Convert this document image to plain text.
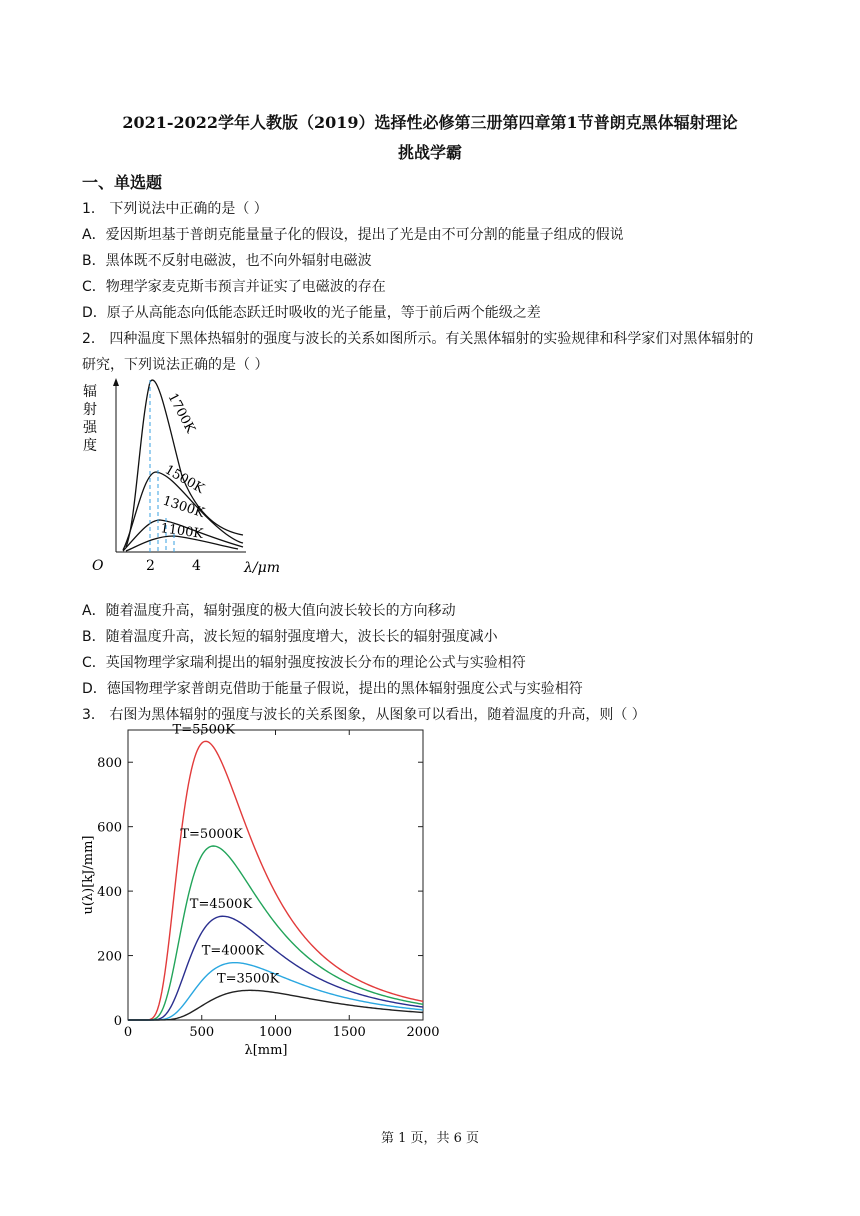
2021-2022学年人教版（2019）选择性必修第三册第四章第1节普朗克黑体辐射理论
挑战学霸
一、单选题
1． 下列说法中正确的是（ ）
A．爱因斯坦基于普朗克能量量子化的假设，提出了光是由不可分割的能量子组成的假说
B．黑体既不反射电磁波，也不向外辐射电磁波
C．物理学家麦克斯韦预言并证实了电磁波的存在
D．原子从高能态向低能态跃迁时吸收的光子能量，等于前后两个能级之差
2． 四种温度下黑体热辐射的强度与波长的关系如图所示。有关黑体辐射的实验规律和科学家们对黑体辐射的
研究，下列说法正确的是（ ）
辐
射
强
度
1700K
1500K
1300K
1100K
O	2	4	λ/μm
A．随着温度升高，辐射强度的极大值向波长较长的方向移动
B．随着温度升高，波长短的辐射强度增大，波长长的辐射强度减小
C．英国物理学家瑞利提出的辐射强度按波长分布的理论公式与实验相符
D．德国物理学家普朗克借助于能量子假说，提出的黑体辐射强度公式与实验相符
3． 右图为黑体辐射的强度与波长的关系图象，从图象可以看出，随着温度的升高，则（ ）
0	500	1000	1500	2000
0
200
400
600
800
T=5500K
T=5000K
T=4500K
T=4000K
T=3500K
λ[mm]
u(λ)[kJ/mm]
第 1 页，共 6 页
